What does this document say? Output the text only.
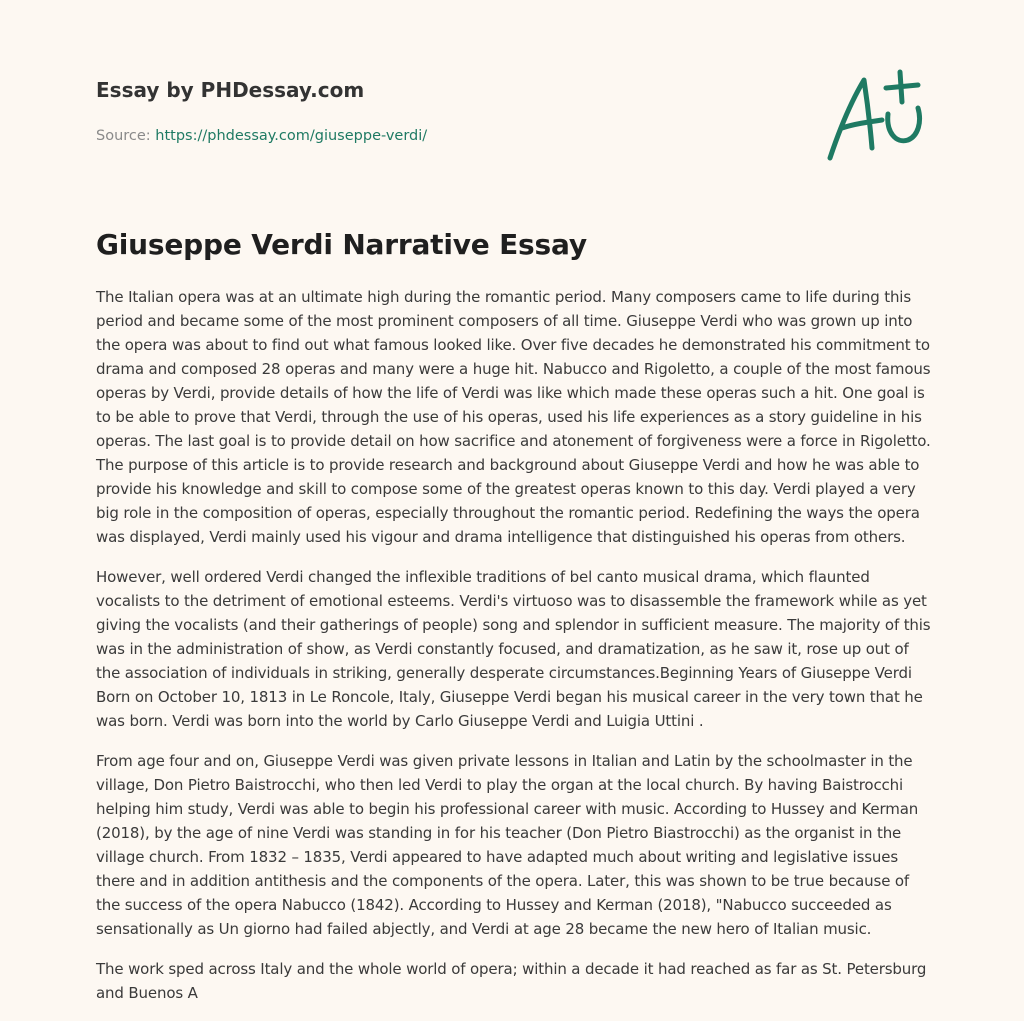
Essay by PHDessay.com
Source: https://phdessay.com/giuseppe-verdi/
Giuseppe Verdi Narrative Essay

The Italian opera was at an ultimate high during the romantic period. Many composers came to life during this period and became some of the most prominent composers of all time. Giuseppe Verdi who was grown up into the opera was about to find out what famous looked like. Over five decades he demonstrated his commitment to drama and composed 28 operas and many were a huge hit. Nabucco and Rigoletto, a couple of the most famous operas by Verdi, provide details of how the life of Verdi was like which made these operas such a hit. One goal is to be able to prove that Verdi, through the use of his operas, used his life experiences as a story guideline in his operas. The last goal is to provide detail on how sacrifice and atonement of forgiveness were a force in Rigoletto. The purpose of this article is to provide research and background about Giuseppe Verdi and how he was able to provide his knowledge and skill to compose some of the greatest operas known to this day. Verdi played a very big role in the composition of operas, especially throughout the romantic period. Redefining the ways the opera was displayed, Verdi mainly used his vigour and drama intelligence that distinguished his operas from others.

However, well ordered Verdi changed the inflexible traditions of bel canto musical drama, which flaunted vocalists to the detriment of emotional esteems. Verdi's virtuoso was to disassemble the framework while as yet giving the vocalists (and their gatherings of people) song and splendor in sufficient measure. The majority of this was in the administration of show, as Verdi constantly focused, and dramatization, as he saw it, rose up out of the association of individuals in striking, generally desperate circumstances.Beginning Years of Giuseppe Verdi Born on October 10, 1813 in Le Roncole, Italy, Giuseppe Verdi began his musical career in the very town that he was born. Verdi was born into the world by Carlo Giuseppe Verdi and Luigia Uttini .

From age four and on, Giuseppe Verdi was given private lessons in Italian and Latin by the schoolmaster in the village, Don Pietro Baistrocchi, who then led Verdi to play the organ at the local church. By having Baistrocchi helping him study, Verdi was able to begin his professional career with music. According to Hussey and Kerman (2018), by the age of nine Verdi was standing in for his teacher (Don Pietro Biastrocchi) as the organist in the village church. From 1832 – 1835, Verdi appeared to have adapted much about writing and legislative issues there and in addition antithesis and the components of the opera. Later, this was shown to be true because of the success of the opera Nabucco (1842). According to Hussey and Kerman (2018), "Nabucco succeeded as sensationally as Un giorno had failed abjectly, and Verdi at age 28 became the new hero of Italian music.

The work sped across Italy and the whole world of opera; within a decade it had reached as far as St. Petersburg and Buenos A
